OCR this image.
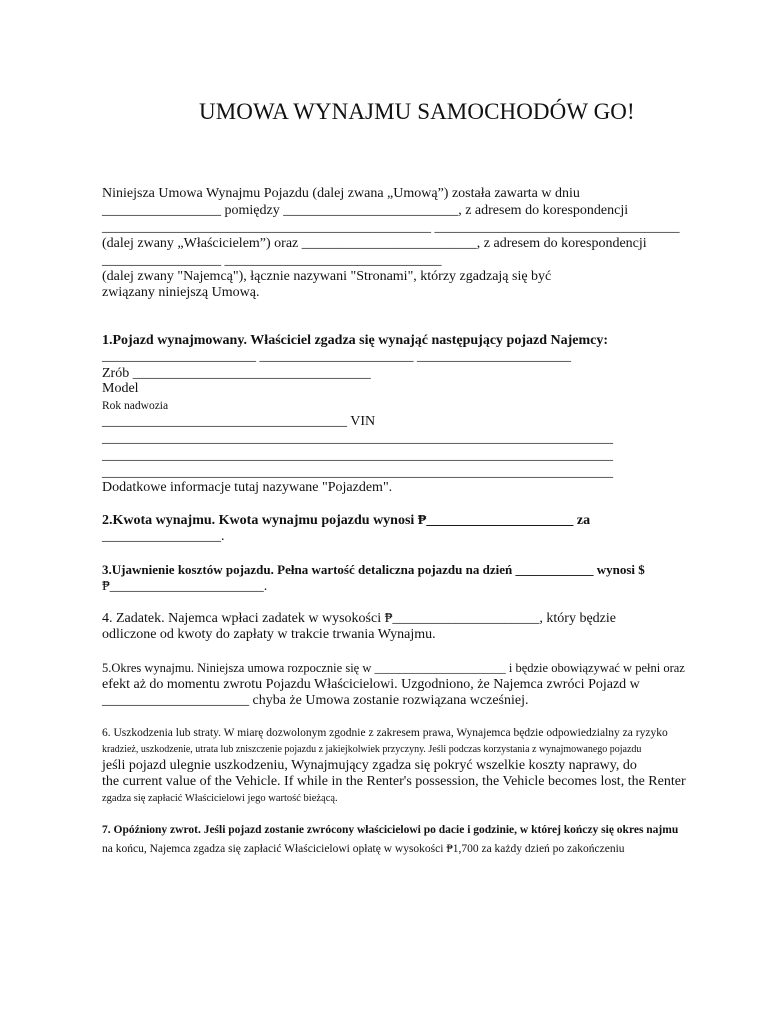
UMOWA WYNAJMU SAMOCHODÓW GO!
Niniejsza Umowa Wynajmu Pojazdu (dalej zwana „Umową”) została zawarta w dniu
_________________ pomiędzy _________________________, z adresem do korespondencji
_______________________________________________ ___________________________________
(dalej zwany „Właścicielem”) oraz _________________________, z adresem do korespondencji
_________________ _______________________________
(dalej zwany "Najemcą"), łącznie nazywani "Stronami", którzy zgadzają się być
związany niniejszą Umową.
1.Pojazd wynajmowany. Właściciel zgadza się wynająć następujący pojazd Najemcy:
______________________ ______________________ ______________________
Zrób __________________________________
Model
Rok nadwozia
___________________________________ VIN
_________________________________________________________________________
_________________________________________________________________________
_________________________________________________________________________
Dodatkowe informacje tutaj nazywane "Pojazdem".
2.Kwota wynajmu. Kwota wynajmu pojazdu wynosi ₱_____________________ za
_________________.
3.Ujawnienie kosztów pojazdu. Pełna wartość detaliczna pojazdu na dzień ____________ wynosi $
₱______________________.
4. Zadatek. Najemca wpłaci zadatek w wysokości ₱_____________________, który będzie
odliczone od kwoty do zapłaty w trakcie trwania Wynajmu.
5.Okres wynajmu. Niniejsza umowa rozpocznie się w _____________________ i będzie obowiązywać w pełni oraz
efekt aż do momentu zwrotu Pojazdu Właścicielowi. Uzgodniono, że Najemca zwróci Pojazd w
_____________________ chyba że Umowa zostanie rozwiązana wcześniej.
6. Uszkodzenia lub straty. W miarę dozwolonym zgodnie z zakresem prawa, Wynajemca będzie odpowiedzialny za ryzyko
kradzież, uszkodzenie, utrata lub zniszczenie pojazdu z jakiejkolwiek przyczyny. Jeśli podczas korzystania z wynajmowanego pojazdu
jeśli pojazd ulegnie uszkodzeniu, Wynajmujący zgadza się pokryć wszelkie koszty naprawy, do
the current value of the Vehicle. If while in the Renter's possession, the Vehicle becomes lost, the Renter
zgadza się zapłacić Właścicielowi jego wartość bieżącą.
7. Opóźniony zwrot. Jeśli pojazd zostanie zwrócony właścicielowi po dacie i godzinie, w której kończy się okres najmu
na końcu, Najemca zgadza się zapłacić Właścicielowi opłatę w wysokości ₱1,700 za każdy dzień po zakończeniu
